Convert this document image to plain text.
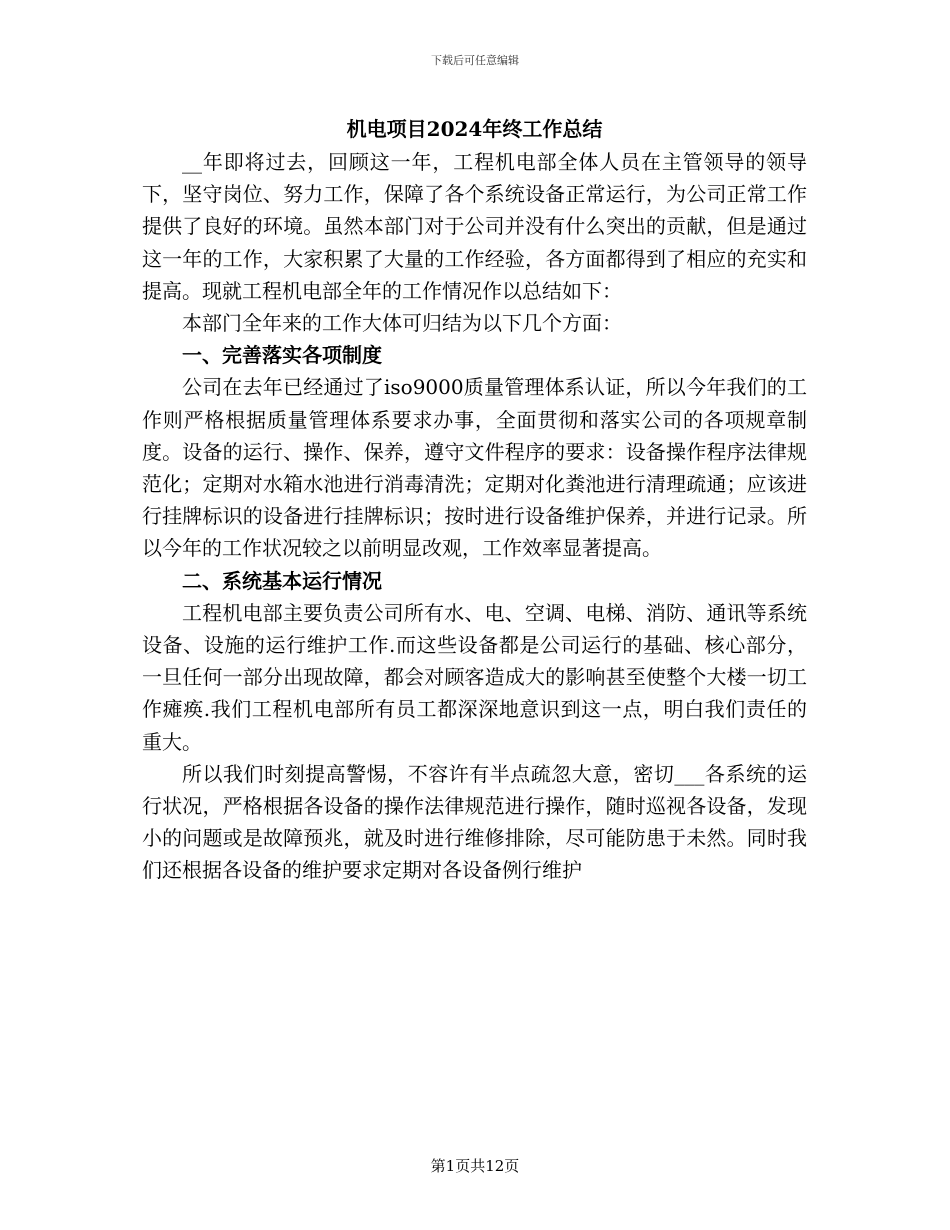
下载后可任意编辑
机电项目2024年终工作总结

__年即将过去，回顾这一年，工程机电部全体人员在主管领导的领导下，坚守岗位、努力工作，保障了各个系统设备正常运行，为公司正常工作提供了良好的环境。虽然本部门对于公司并没有什么突出的贡献，但是通过这一年的工作，大家积累了大量的工作经验，各方面都得到了相应的充实和提高。现就工程机电部全年的工作情况作以总结如下：

本部门全年来的工作大体可归结为以下几个方面：

一、完善落实各项制度

公司在去年已经通过了iso9000质量管理体系认证，所以今年我们的工作则严格根据质量管理体系要求办事，全面贯彻和落实公司的各项规章制度。设备的运行、操作、保养，遵守文件程序的要求：设备操作程序法律规范化；定期对水箱水池进行消毒清洗；定期对化粪池进行清理疏通；应该进行挂牌标识的设备进行挂牌标识；按时进行设备维护保养，并进行记录。所以今年的工作状况较之以前明显改观，工作效率显著提高。

二、系统基本运行情况

工程机电部主要负责公司所有水、电、空调、电梯、消防、通讯等系统设备、设施的运行维护工作.而这些设备都是公司运行的基础、核心部分，一旦任何一部分出现故障，都会对顾客造成大的影响甚至使整个大楼一切工作瘫痪.我们工程机电部所有员工都深深地意识到这一点，明白我们责任的重大。

所以我们时刻提高警惕，不容许有半点疏忽大意，密切___各系统的运行状况，严格根据各设备的操作法律规范进行操作，随时巡视各设备，发现小的问题或是故障预兆，就及时进行维修排除，尽可能防患于未然。同时我们还根据各设备的维护要求定期对各设备例行维护

第1页共12页
